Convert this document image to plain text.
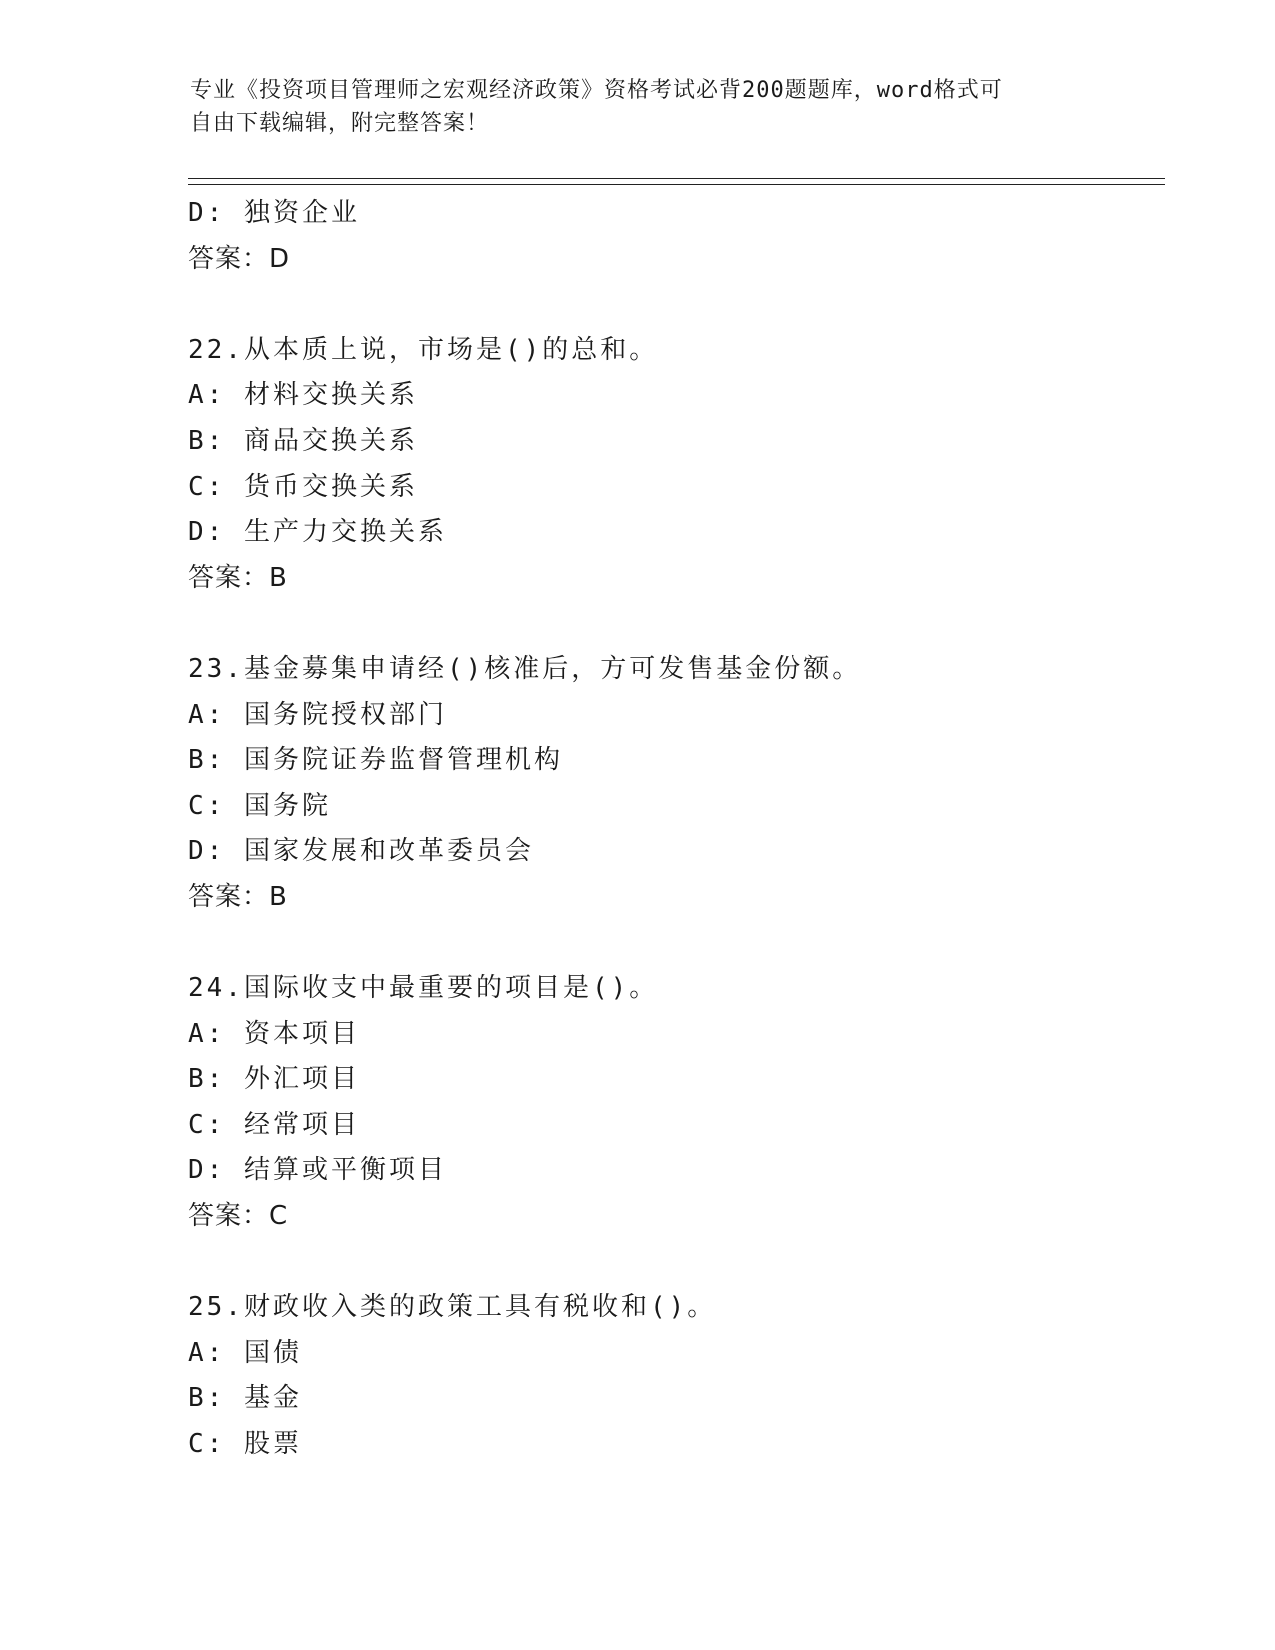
专业《投资项目管理师之宏观经济政策》资格考试必背200题题库，word格式可
自由下载编辑，附完整答案！
D: 独资企业
答案：D
22.从本质上说，市场是()的总和。
A: 材料交换关系
B: 商品交换关系
C: 货币交换关系
D: 生产力交换关系
答案：B
23.基金募集申请经()核准后，方可发售基金份额。
A: 国务院授权部门
B: 国务院证券监督管理机构
C: 国务院
D: 国家发展和改革委员会
答案：B
24.国际收支中最重要的项目是()。
A: 资本项目
B: 外汇项目
C: 经常项目
D: 结算或平衡项目
答案：C
25.财政收入类的政策工具有税收和()。
A: 国债
B: 基金
C: 股票
